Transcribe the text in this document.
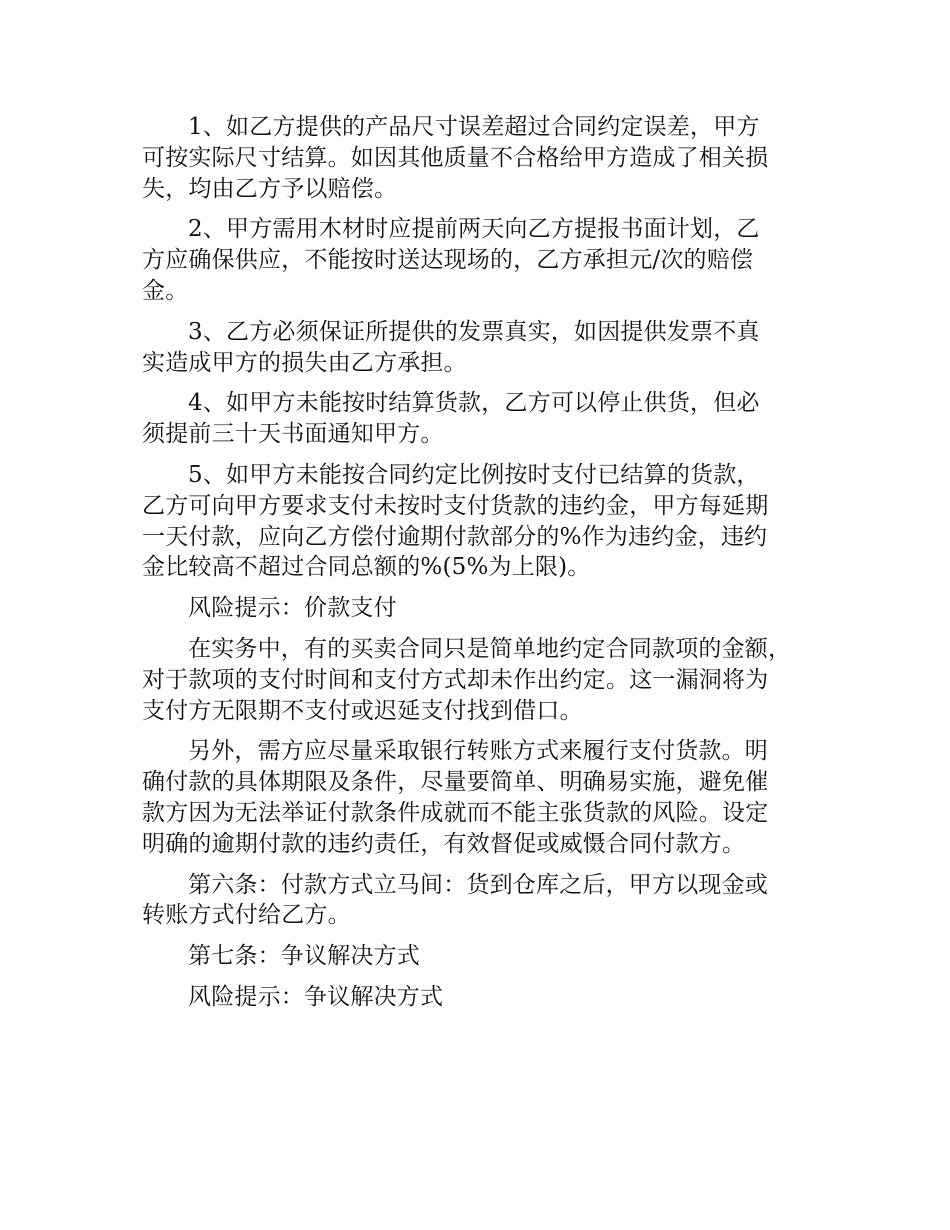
1、如乙方提供的产品尺寸误差超过合同约定误差，甲方
可按实际尺寸结算。如因其他质量不合格给甲方造成了相关损
失，均由乙方予以赔偿。

2、甲方需用木材时应提前两天向乙方提报书面计划，乙
方应确保供应，不能按时送达现场的，乙方承担元/次的赔偿
金。

3、乙方必须保证所提供的发票真实，如因提供发票不真
实造成甲方的损失由乙方承担。

4、如甲方未能按时结算货款，乙方可以停止供货，但必
须提前三十天书面通知甲方。

5、如甲方未能按合同约定比例按时支付已结算的货款，
乙方可向甲方要求支付未按时支付货款的违约金，甲方每延期
一天付款，应向乙方偿付逾期付款部分的%作为违约金，违约
金比较高不超过合同总额的%(5%为上限)。

风险提示：价款支付

在实务中，有的买卖合同只是简单地约定合同款项的金额，
对于款项的支付时间和支付方式却未作出约定。这一漏洞将为
支付方无限期不支付或迟延支付找到借口。

另外，需方应尽量采取银行转账方式来履行支付货款。明
确付款的具体期限及条件，尽量要简单、明确易实施，避免催
款方因为无法举证付款条件成就而不能主张货款的风险。设定
明确的逾期付款的违约责任，有效督促或威慑合同付款方。

第六条：付款方式立马间：货到仓库之后，甲方以现金或
转账方式付给乙方。

第七条：争议解决方式

风险提示：争议解决方式
